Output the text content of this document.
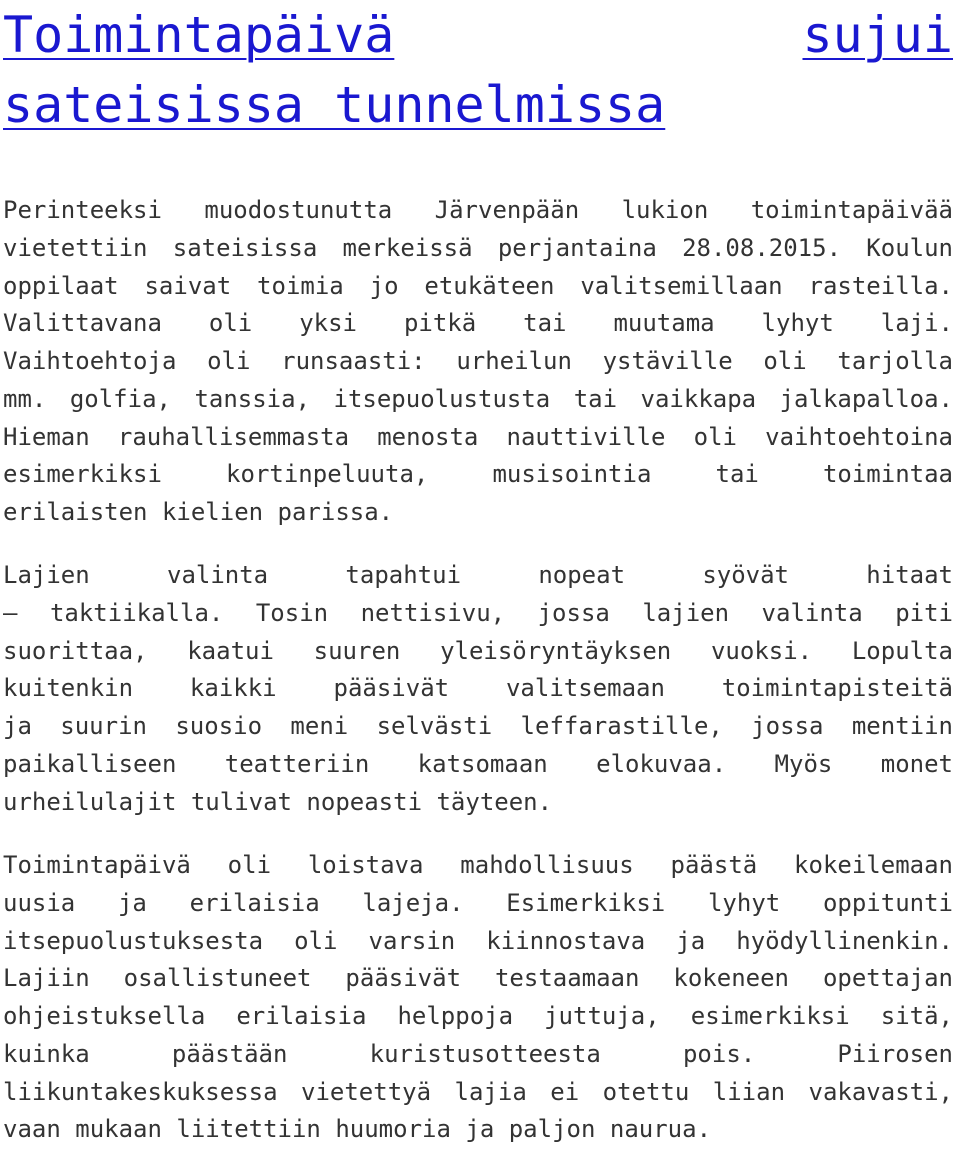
Toimintapäivä	sujui
sateisissa tunnelmissa
Perinteeksi muodostunutta Järvenpään lukion toimintapäivää
vietettiin sateisissa merkeissä perjantaina 28.08.2015. Koulun
oppilaat saivat toimia jo etukäteen valitsemillaan rasteilla.
Valittavana oli yksi pitkä tai muutama lyhyt laji.
Vaihtoehtoja oli runsaasti: urheilun ystäville oli tarjolla
mm. golfia, tanssia, itsepuolustusta tai vaikkapa jalkapalloa.
Hieman rauhallisemmasta menosta nauttiville oli vaihtoehtoina
esimerkiksi kortinpeluuta, musisointia tai toimintaa
erilaisten kielien parissa.
Lajien valinta tapahtui nopeat syövät hitaat
– taktiikalla. Tosin nettisivu, jossa lajien valinta piti
suorittaa, kaatui suuren yleisöryntäyksen vuoksi. Lopulta
kuitenkin kaikki pääsivät valitsemaan toimintapisteitä
ja suurin suosio meni selvästi leffarastille, jossa mentiin
paikalliseen teatteriin katsomaan elokuvaa. Myös monet
urheilulajit tulivat nopeasti täyteen.
Toimintapäivä oli loistava mahdollisuus päästä kokeilemaan
uusia ja erilaisia lajeja. Esimerkiksi lyhyt oppitunti
itsepuolustuksesta oli varsin kiinnostava ja hyödyllinenkin.
Lajiin osallistuneet pääsivät testaamaan kokeneen opettajan
ohjeistuksella erilaisia helppoja juttuja, esimerkiksi sitä,
kuinka päästään kuristusotteesta pois. Piirosen
liikuntakeskuksessa vietettyä lajia ei otettu liian vakavasti,
vaan mukaan liitettiin huumoria ja paljon naurua.
